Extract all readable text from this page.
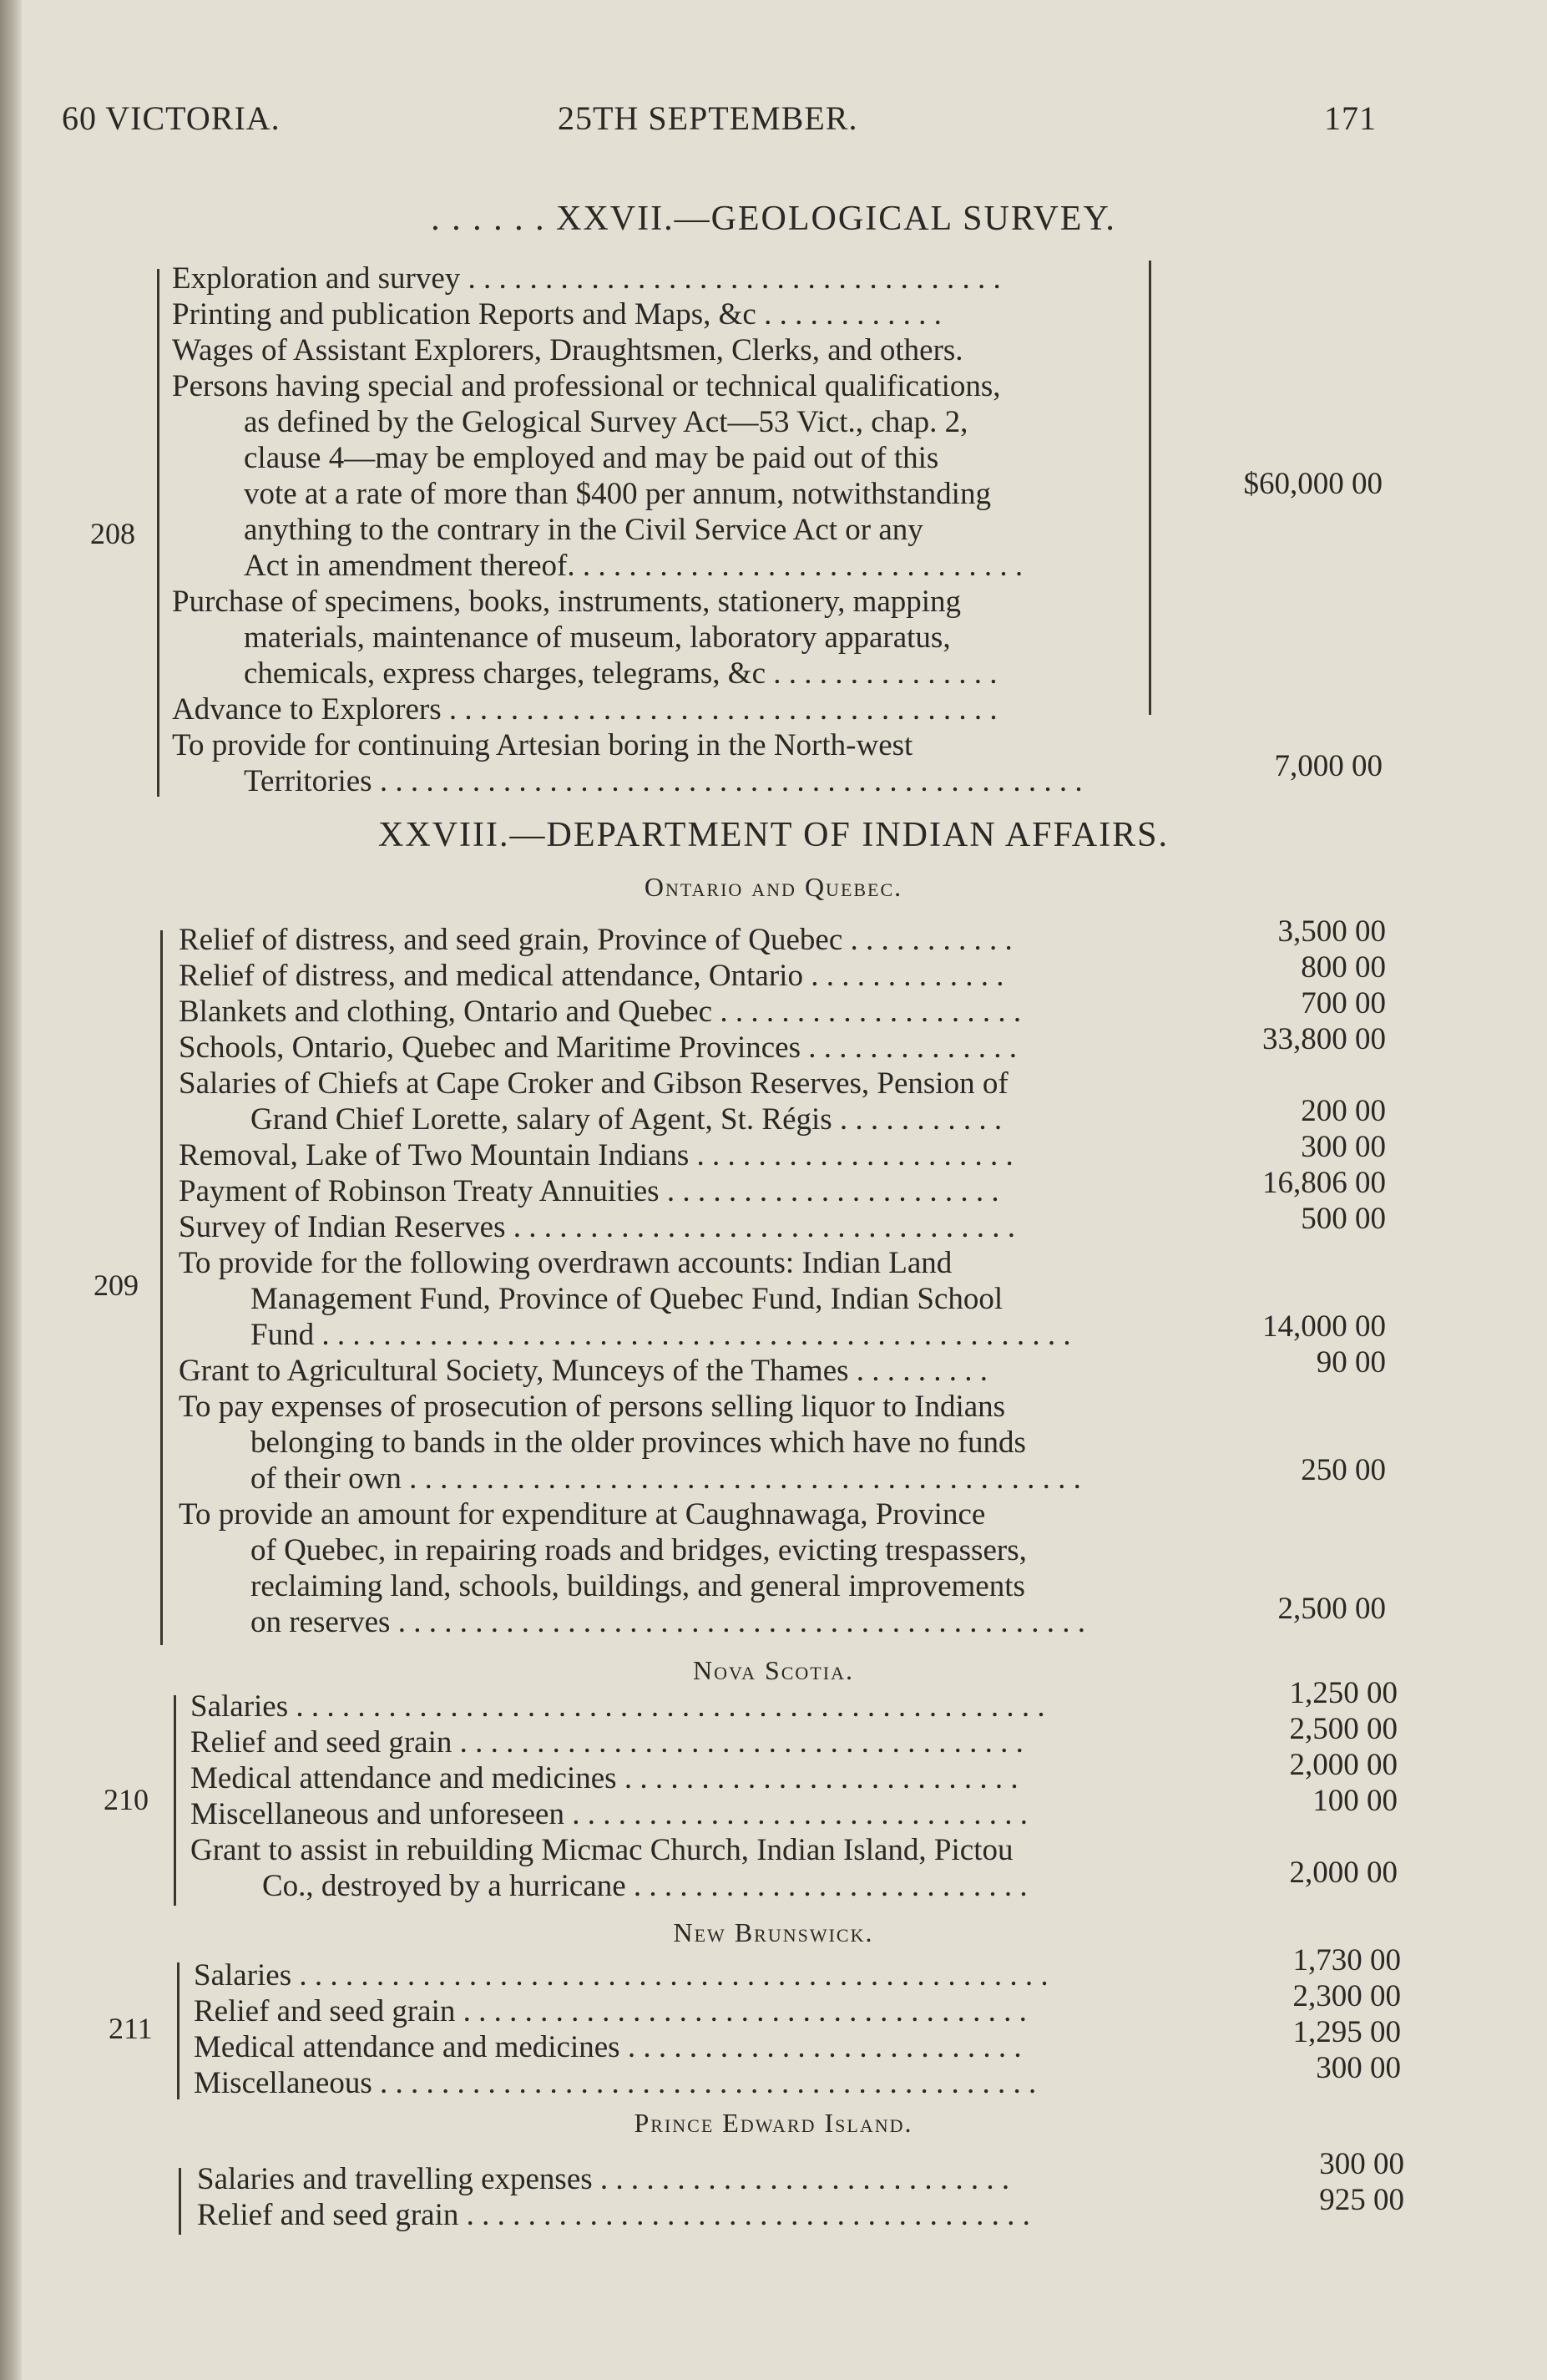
60 VICTORIA.	25TH SEPTEMBER.	171
. . . . . . XXVII.—GEOLOGICAL SURVEY.
208
Exploration and survey . . . . . . . . . . . . . . . . . . . . . . . . . . . . . . . . . . .
Printing and publication Reports and Maps, &c . . . . . . . . . . . .
Wages of Assistant Explorers, Draughtsmen, Clerks, and others.
Persons having special and professional or technical qualifications,
as defined by the Gelogical Survey Act—53 Vict., chap. 2,
clause 4—may be employed and may be paid out of this
vote at a rate of more than $400 per annum, notwithstanding
anything to the contrary in the Civil Service Act or any
Act in amendment thereof. . . . . . . . . . . . . . . . . . . . . . . . . . . . . .
Purchase of specimens, books, instruments, stationery, mapping
materials, maintenance of museum, laboratory apparatus,
chemicals, express charges, telegrams, &c . . . . . . . . . . . . . . .
Advance to Explorers . . . . . . . . . . . . . . . . . . . . . . . . . . . . . . . . . . . .
To provide for continuing Artesian boring in the North-west
Territories . . . . . . . . . . . . . . . . . . . . . . . . . . . . . . . . . . . . . . . . . . . . . .
$60,000 00
7,000 00
XXVIII.—DEPARTMENT OF INDIAN AFFAIRS.
Ontario and Quebec.
209
Relief of distress, and seed grain, Province of Quebec . . . . . . . . . . .
Relief of distress, and medical attendance, Ontario . . . . . . . . . . . . .
Blankets and clothing, Ontario and Quebec . . . . . . . . . . . . . . . . . . . .
Schools, Ontario, Quebec and Maritime Provinces . . . . . . . . . . . . . .
Salaries of Chiefs at Cape Croker and Gibson Reserves, Pension of
Grand Chief Lorette, salary of Agent, St. Régis . . . . . . . . . . .
Removal, Lake of Two Mountain Indians . . . . . . . . . . . . . . . . . . . . .
Payment of Robinson Treaty Annuities . . . . . . . . . . . . . . . . . . . . . .
Survey of Indian Reserves . . . . . . . . . . . . . . . . . . . . . . . . . . . . . . . . .
To provide for the following overdrawn accounts: Indian Land
Management Fund, Province of Quebec Fund, Indian School
Fund . . . . . . . . . . . . . . . . . . . . . . . . . . . . . . . . . . . . . . . . . . . . . . . . .
Grant to Agricultural Society, Munceys of the Thames . . . . . . . . .
To pay expenses of prosecution of persons selling liquor to Indians
belonging to bands in the older provinces which have no funds
of their own . . . . . . . . . . . . . . . . . . . . . . . . . . . . . . . . . . . . . . . . . . . .
To provide an amount for expenditure at Caughnawaga, Province
of Quebec, in repairing roads and bridges, evicting trespassers,
reclaiming land, schools, buildings, and general improvements
on reserves . . . . . . . . . . . . . . . . . . . . . . . . . . . . . . . . . . . . . . . . . . . . .
3,500 00
800 00
700 00
33,800 00
200 00
300 00
16,806 00
500 00
14,000 00
90 00
250 00
2,500 00
Nova Scotia.
210
Salaries . . . . . . . . . . . . . . . . . . . . . . . . . . . . . . . . . . . . . . . . . . . . . . . . .
Relief and seed grain . . . . . . . . . . . . . . . . . . . . . . . . . . . . . . . . . . . . .
Medical attendance and medicines . . . . . . . . . . . . . . . . . . . . . . . . . .
Miscellaneous and unforeseen . . . . . . . . . . . . . . . . . . . . . . . . . . . . . .
Grant to assist in rebuilding Micmac Church, Indian Island, Pictou
Co., destroyed by a hurricane . . . . . . . . . . . . . . . . . . . . . . . . . .
1,250 00
2,500 00
2,000 00
100 00
2,000 00
New Brunswick.
211
Salaries . . . . . . . . . . . . . . . . . . . . . . . . . . . . . . . . . . . . . . . . . . . . . . . . .
Relief and seed grain . . . . . . . . . . . . . . . . . . . . . . . . . . . . . . . . . . . . .
Medical attendance and medicines . . . . . . . . . . . . . . . . . . . . . . . . . .
Miscellaneous . . . . . . . . . . . . . . . . . . . . . . . . . . . . . . . . . . . . . . . . . . .
1,730 00
2,300 00
1,295 00
300 00
Prince Edward Island.
Salaries and travelling expenses . . . . . . . . . . . . . . . . . . . . . . . . . . .
Relief and seed grain . . . . . . . . . . . . . . . . . . . . . . . . . . . . . . . . . . . . .
300 00
925 00
